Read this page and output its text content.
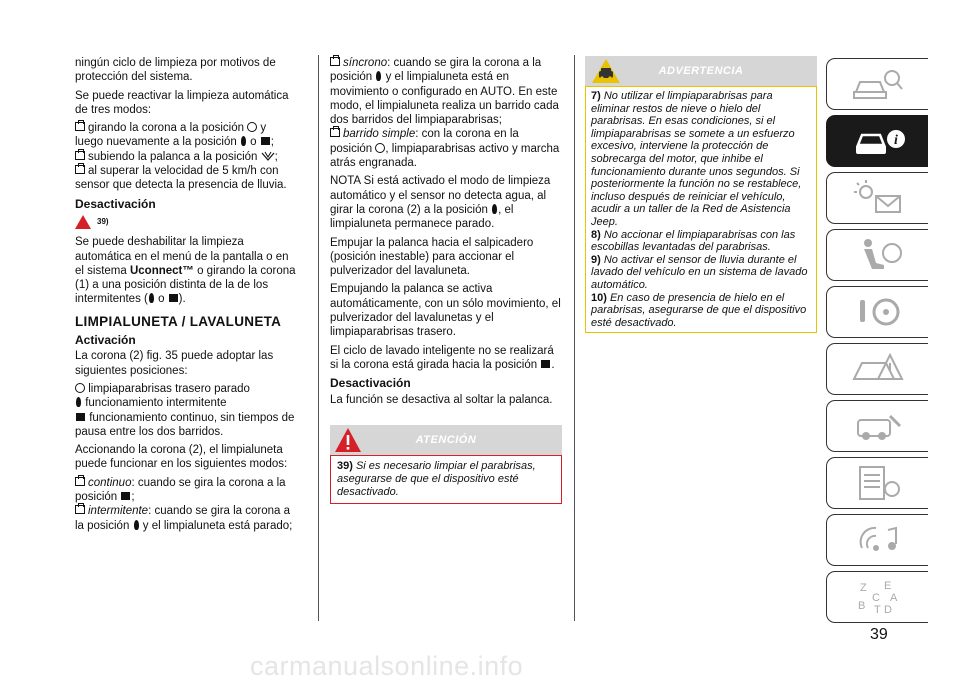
ningún ciclo de limpieza por motivos de protección del sistema.

Se puede reactivar la limpieza automática de tres modos:

girando la corona a la posición y luego nuevamente a la posición o ;

subiendo la palanca a la posición ;

al superar la velocidad de 5 km/h con sensor que detecta la presencia de lluvia.

Desactivación
39)

Se puede deshabilitar la limpieza automática en el menú de la pantalla o en el sistema Uconnect™ o girando la corona (1) a una posición distinta de la de los intermitentes ( o ).

LIMPIALUNETA / LAVALUNETA
Activación

La corona (2) fig. 35 puede adoptar las siguientes posiciones:

limpiaparabrisas trasero parado

funcionamiento intermitente

funcionamiento continuo, sin tiempos de pausa entre los dos barridos.

Accionando la corona (2), el limpialuneta puede funcionar en los siguientes modos:

continuo: cuando se gira la corona a la posición ;

intermitente: cuando se gira la corona a la posición y el limpialuneta está parado;

síncrono: cuando se gira la corona a la posición y el limpialuneta está en movimiento o configurado en AUTO. En este modo, el limpialuneta realiza un barrido cada dos barridos del limpiaparabrisas;

barrido simple: con la corona en la posición , limpiaparabrisas activo y marcha atrás engranada.

NOTA Si está activado el modo de limpieza automático y el sensor no detecta agua, al girar la corona (2) a la posición , el limpialuneta permanece parado.

Empujar la palanca hacia el salpicadero (posición inestable) para accionar el pulverizador del lavaluneta.

Empujando la palanca se activa automáticamente, con un sólo movimiento, el pulverizador del lavalunetas y el limpiaparabrisas trasero.

El ciclo de lavado inteligente no se realizará si la corona está girada hacia la posición .

Desactivación

La función se desactiva al soltar la palanca.

ATENCIÓN
39) Si es necesario limpiar el parabrisas, asegurarse de que el dispositivo esté desactivado.
ADVERTENCIA
7) No utilizar el limpiaparabrisas para eliminar restos de nieve o hielo del parabrisas. En esas condiciones, si el limpiaparabrisas se somete a un esfuerzo excesivo, interviene la protección de sobrecarga del motor, que inhibe el funcionamiento durante unos segundos. Si posteriormente la función no se restablece, incluso después de reiniciar el vehículo, acudir a un taller de la Red de Asistencia Jeep.
8) No accionar el limpiaparabrisas con las escobillas levantadas del parabrisas.
9) No activar el sensor de lluvia durante el lavado del vehículo en un sistema de lavado automático.
10) En caso de presencia de hielo en el parabrisas, asegurarse de que el dispositivo esté desactivado.
i
Z E
C A
B T D
39
carmanualsonline.info
